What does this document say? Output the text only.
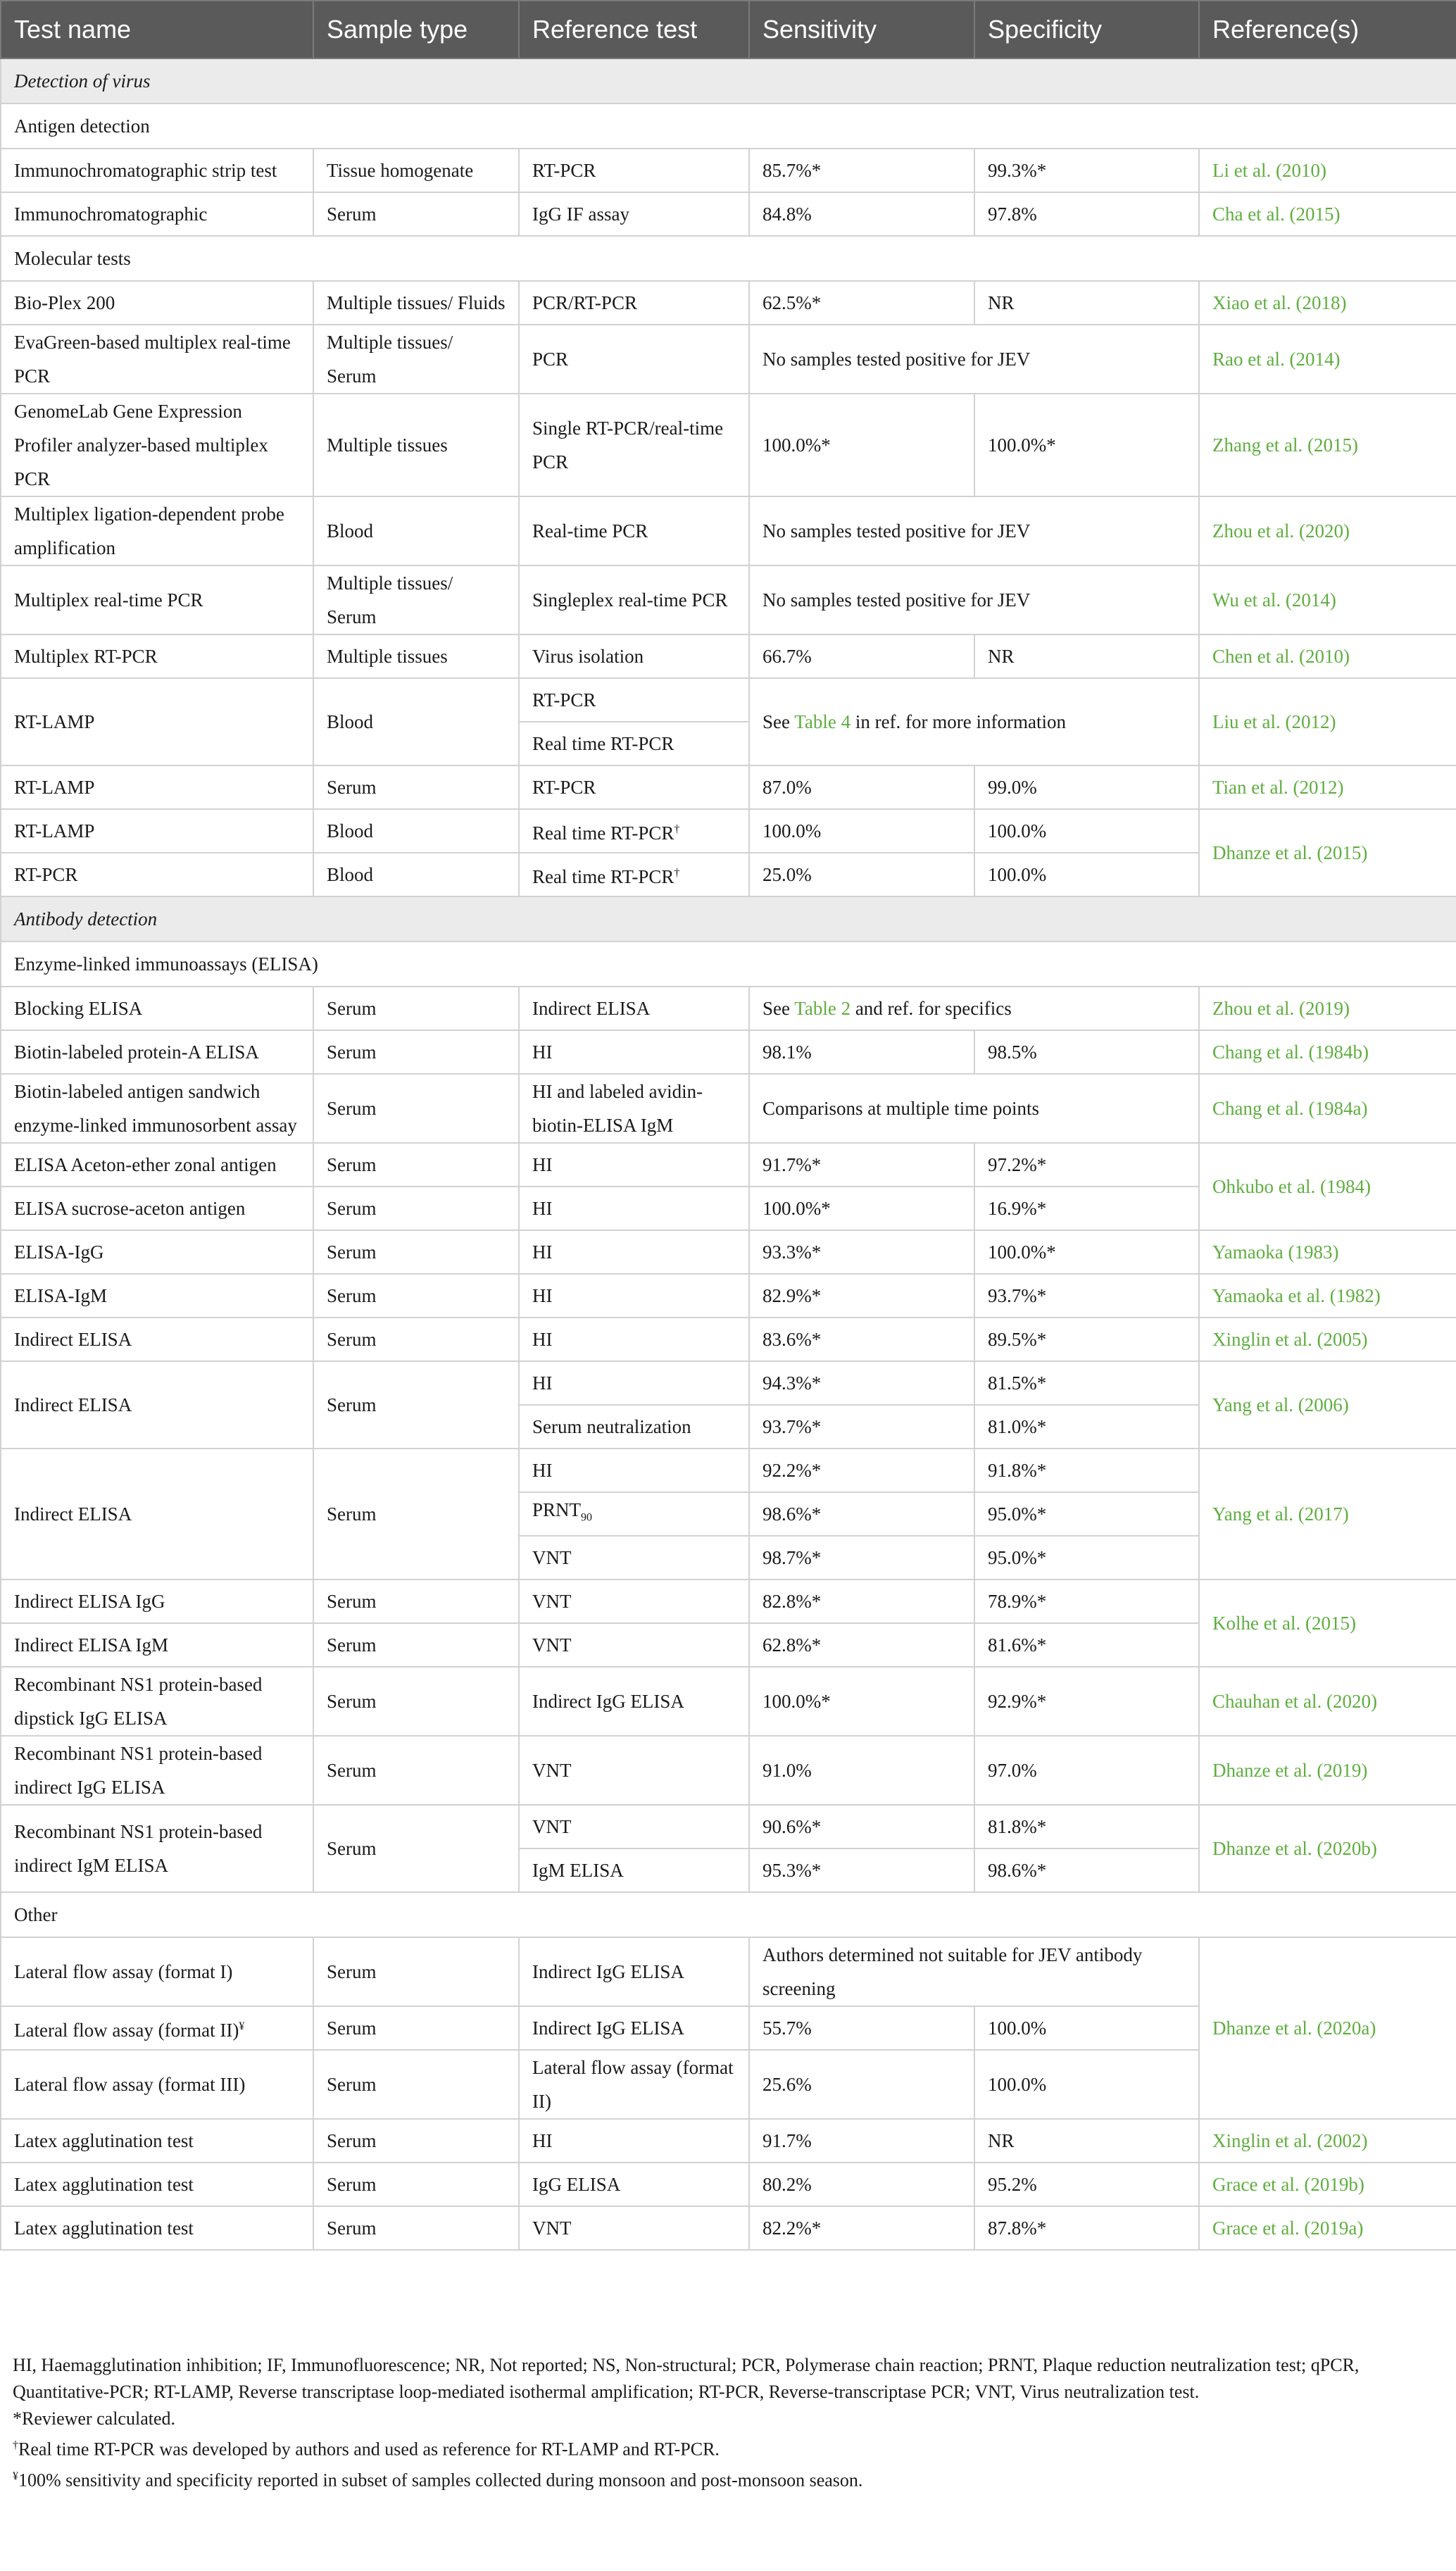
Test name	Sample type	Reference test	Sensitivity	Specificity	Reference(s)
Detection of virus					
Antigen detection					
Immunochromatographic strip test	Tissue homogenate	RT-PCR	85.7%*	99.3%*	Li et al. (2010)
Immunochromatographic	Serum	IgG IF assay	84.8%	97.8%	Cha et al. (2015)
Molecular tests					
Bio-Plex 200	Multiple tissues/ Fluids	PCR/RT-PCR	62.5%*	NR	Xiao et al. (2018)
EvaGreen-based multiplex real-time PCR	Multiple tissues/ Serum	PCR	No samples tested positive for JEV		Rao et al. (2014)
GenomeLab Gene Expression Profiler analyzer-based multiplex PCR	Multiple tissues	Single RT-PCR/real-time PCR	100.0%*	100.0%*	Zhang et al. (2015)
Multiplex ligation-dependent probe amplification	Blood	Real-time PCR	No samples tested positive for JEV		Zhou et al. (2020)
Multiplex real-time PCR	Multiple tissues/ Serum	Singleplex real-time PCR	No samples tested positive for JEV		Wu et al. (2014)
Multiplex RT-PCR	Multiple tissues	Virus isolation	66.7%	NR	Chen et al. (2010)
RT-LAMP	Blood	RT-PCR	See Table 4 in ref. for more information		Liu et al. (2012)
		Real time RT-PCR			
RT-LAMP	Serum	RT-PCR	87.0%	99.0%	Tian et al. (2012)
RT-LAMP	Blood	Real time RT-PCR†	100.0%	100.0%	Dhanze et al. (2015)
RT-PCR	Blood	Real time RT-PCR†	25.0%	100.0%	
Antibody detection					
Enzyme-linked immunoassays (ELISA)					
Blocking ELISA	Serum	Indirect ELISA	See Table 2 and ref. for specifics		Zhou et al. (2019)
Biotin-labeled protein-A ELISA	Serum	HI	98.1%	98.5%	Chang et al. (1984b)
Biotin-labeled antigen sandwich enzyme-linked immunosorbent assay	Serum	HI and labeled avidin-biotin-ELISA IgM	Comparisons at multiple time points		Chang et al. (1984a)
ELISA Aceton-ether zonal antigen	Serum	HI	91.7%*	97.2%*	Ohkubo et al. (1984)
ELISA sucrose-aceton antigen	Serum	HI	100.0%*	16.9%*	
ELISA-IgG	Serum	HI	93.3%*	100.0%*	Yamaoka (1983)
ELISA-IgM	Serum	HI	82.9%*	93.7%*	Yamaoka et al. (1982)
Indirect ELISA	Serum	HI	83.6%*	89.5%*	Xinglin et al. (2005)
Indirect ELISA	Serum	HI	94.3%*	81.5%*	Yang et al. (2006)
		Serum neutralization	93.7%*	81.0%*	
Indirect ELISA	Serum	HI	92.2%*	91.8%*	Yang et al. (2017)
		$PRNT_{90}$	98.6%*	95.0%*	
		VNT	98.7%*	95.0%*	
Indirect ELISA IgG	Serum	VNT	82.8%*	78.9%*	Kolhe et al. (2015)
Indirect ELISA IgM	Serum	VNT	62.8%*	81.6%*	
Recombinant NS1 protein-based dipstick IgG ELISA	Serum	Indirect IgG ELISA	100.0%*	92.9%*	Chauhan et al. (2020)
Recombinant NS1 protein-based indirect IgG ELISA	Serum	VNT	91.0%	97.0%	Dhanze et al. (2019)
Recombinant NS1 protein-based indirect IgM ELISA	Serum	VNT	90.6%*	81.8%*	Dhanze et al. (2020b)
		IgM ELISA	95.3%*	98.6%*	
Other					
Lateral flow assay (format I)	Serum	Indirect IgG ELISA	Authors determined not suitable for JEV antibody screening		Dhanze et al. (2020a)
Lateral flow assay (format II)¥	Serum	Indirect IgG ELISA	55.7%	100.0%	
Lateral flow assay (format III)	Serum	Lateral flow assay (format II)	25.6%	100.0%	
Latex agglutination test	Serum	HI	91.7%	NR	Xinglin et al. (2002)
Latex agglutination test	Serum	IgG ELISA	80.2%	95.2%	Grace et al. (2019b)
Latex agglutination test	Serum	VNT	82.2%*	87.8%*	Grace et al. (2019a)

HI, Haemagglutination inhibition; IF, Immunofluorescence; NR, Not reported; NS, Non-structural; PCR, Polymerase chain reaction; PRNT, Plaque reduction neutralization test; qPCR, Quantitative-PCR; RT-LAMP, Reverse transcriptase loop-mediated isothermal amplification; RT-PCR, Reverse-transcriptase PCR; VNT, Virus neutralization test.

*Reviewer calculated.

†Real time RT-PCR was developed by authors and used as reference for RT-LAMP and RT-PCR.

¥100% sensitivity and specificity reported in subset of samples collected during monsoon and post-monsoon season.
